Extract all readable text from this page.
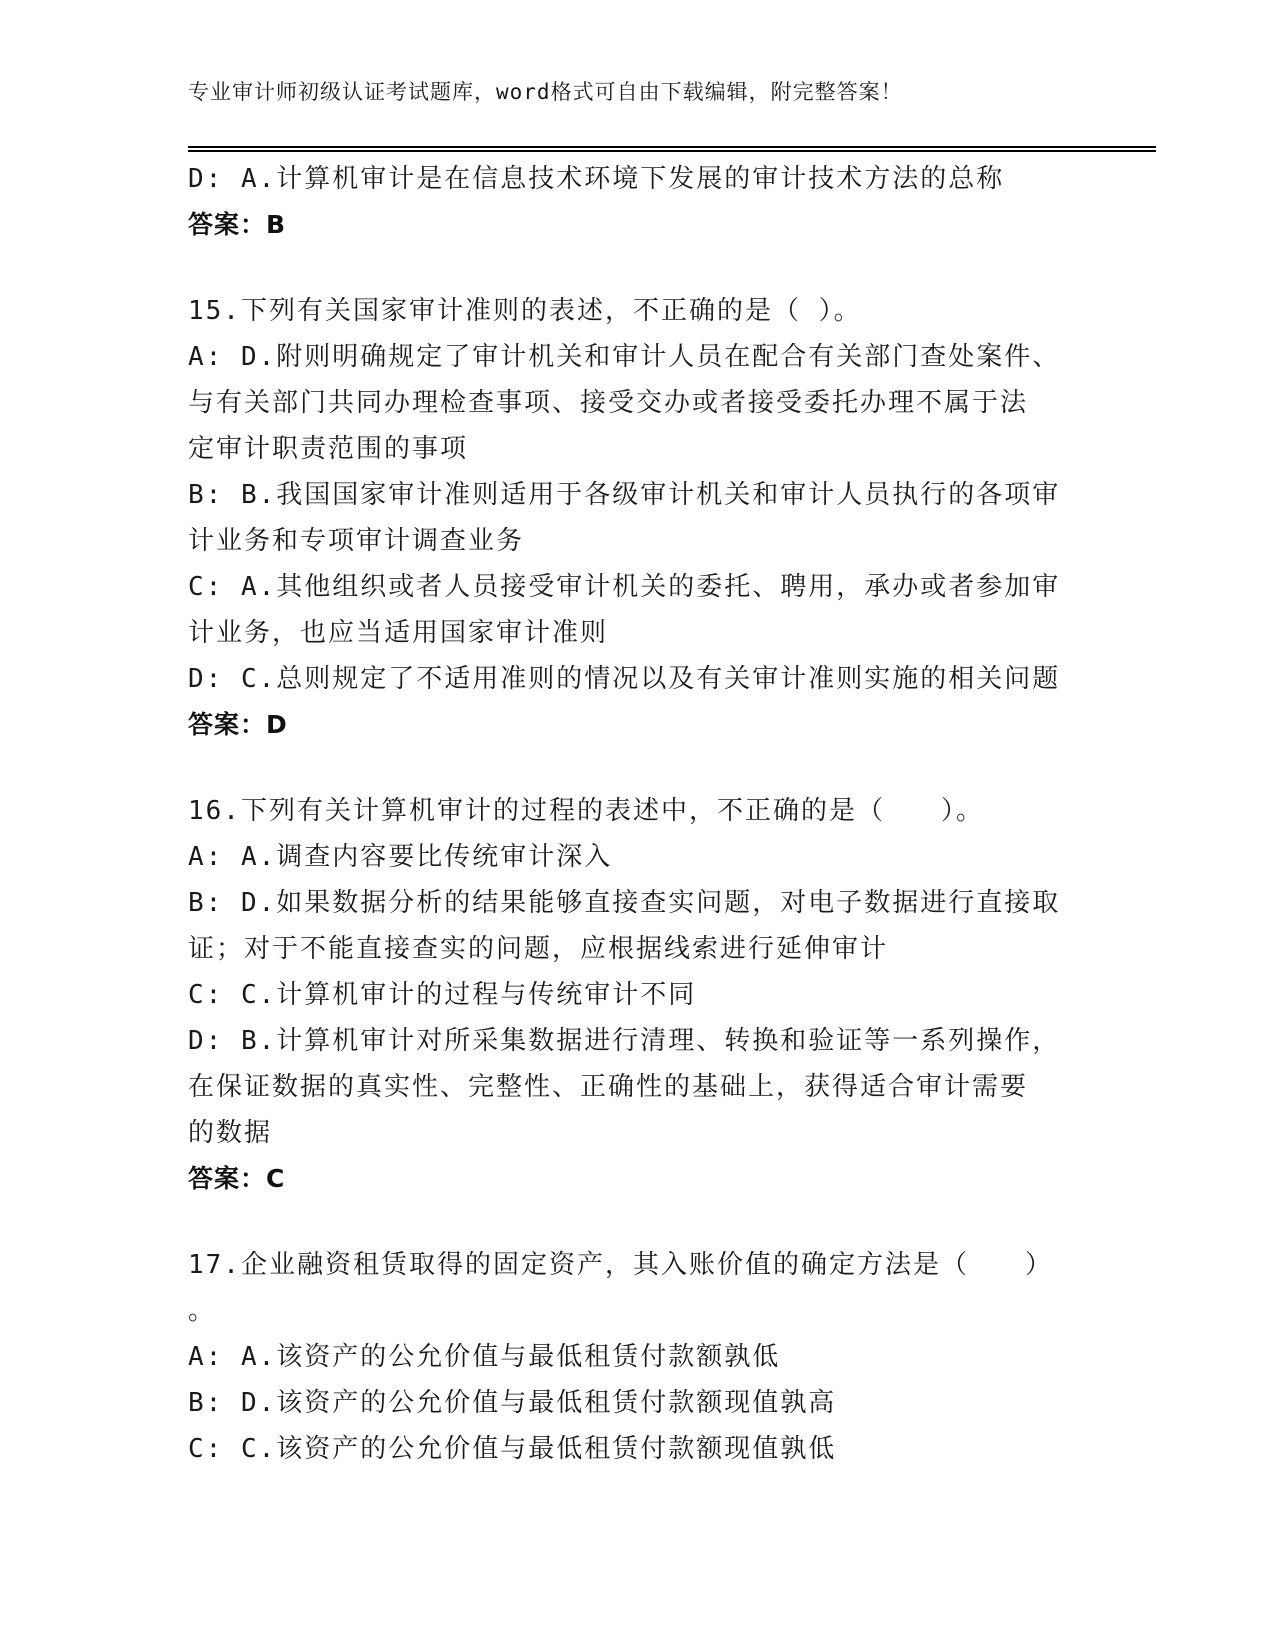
专业审计师初级认证考试题库，word格式可自由下载编辑，附完整答案！
D: A.计算机审计是在信息技术环境下发展的审计技术方法的总称
答案：B
15.下列有关国家审计准则的表述，不正确的是（ ）。
A: D.附则明确规定了审计机关和审计人员在配合有关部门查处案件、
与有关部门共同办理检查事项、接受交办或者接受委托办理不属于法
定审计职责范围的事项
B: B.我国国家审计准则适用于各级审计机关和审计人员执行的各项审
计业务和专项审计调查业务
C: A.其他组织或者人员接受审计机关的委托、聘用，承办或者参加审
计业务，也应当适用国家审计准则
D: C.总则规定了不适用准则的情况以及有关审计准则实施的相关问题
答案：D
16.下列有关计算机审计的过程的表述中，不正确的是（　　）。
A: A.调查内容要比传统审计深入
B: D.如果数据分析的结果能够直接查实问题，对电子数据进行直接取
证；对于不能直接查实的问题，应根据线索进行延伸审计
C: C.计算机审计的过程与传统审计不同
D: B.计算机审计对所采集数据进行清理、转换和验证等一系列操作，
在保证数据的真实性、完整性、正确性的基础上，获得适合审计需要
的数据
答案：C
17.企业融资租赁取得的固定资产，其入账价值的确定方法是（　　）
。
A: A.该资产的公允价值与最低租赁付款额孰低
B: D.该资产的公允价值与最低租赁付款额现值孰高
C: C.该资产的公允价值与最低租赁付款额现值孰低
